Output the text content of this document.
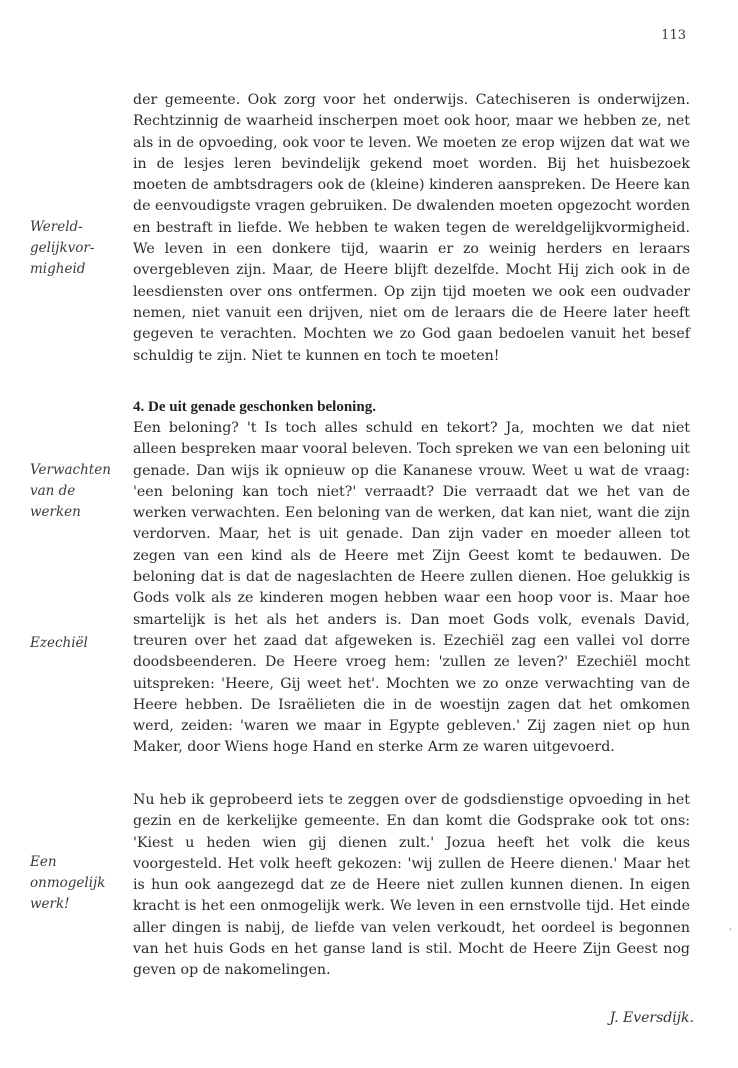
113
Wereld-
gelijkvor-
migheid
Verwachten
van de
werken
Ezechiël
Een
onmogelijk
werk!

der gemeente. Ook zorg voor het onderwijs. Catechiseren is onderwijzen. Rechtzinnig de waarheid inscherpen moet ook hoor, maar we hebben ze, net als in de opvoeding, ook voor te leven. We moeten ze erop wijzen dat wat we in de lesjes leren bevindelijk gekend moet worden. Bij het huisbezoek moeten de ambtsdragers ook de (kleine) kinderen aanspreken. De Heere kan de eenvoudigste vragen gebruiken. De dwalenden moeten opgezocht worden en bestraft in liefde. We hebben te waken tegen de wereldgelijkvormigheid. We leven in een donkere tijd, waarin er zo weinig herders en leraars overgebleven zijn. Maar, de Heere blijft dezelfde. Mocht Hij zich ook in de leesdiensten over ons ontfermen. Op zijn tijd moeten we ook een oudvader nemen, niet vanuit een drijven, niet om de leraars die de Heere later heeft gegeven te verachten. Mochten we zo God gaan bedoelen vanuit het besef schuldig te zijn. Niet te kunnen en toch te moeten!

4. De uit genade geschonken beloning.

Een beloning? 't Is toch alles schuld en tekort? Ja, mochten we dat niet alleen bespreken maar vooral beleven. Toch spreken we van een beloning uit genade. Dan wijs ik opnieuw op die Kananese vrouw. Weet u wat de vraag: 'een beloning kan toch niet?' verraadt? Die verraadt dat we het van de werken verwachten. Een beloning van de werken, dat kan niet, want die zijn verdorven. Maar, het is uit genade. Dan zijn vader en moeder alleen tot zegen van een kind als de Heere met Zijn Geest komt te bedauwen. De beloning dat is dat de nageslachten de Heere zullen dienen. Hoe gelukkig is Gods volk als ze kinderen mogen hebben waar een hoop voor is. Maar hoe smartelijk is het als het anders is. Dan moet Gods volk, evenals David, treuren over het zaad dat afgeweken is. Ezechiël zag een vallei vol dorre doodsbeenderen. De Heere vroeg hem: 'zullen ze leven?' Ezechiël mocht uitspreken: 'Heere, Gij weet het'. Mochten we zo onze verwachting van de Heere hebben. De Israëlieten die in de woestijn zagen dat het omkomen werd, zeiden: 'waren we maar in Egypte gebleven.' Zij zagen niet op hun Maker, door Wiens hoge Hand en sterke Arm ze waren uitgevoerd.

Nu heb ik geprobeerd iets te zeggen over de godsdienstige opvoeding in het gezin en de kerkelijke gemeente. En dan komt die Godsprake ook tot ons: 'Kiest u heden wien gij dienen zult.' Jozua heeft het volk die keus voorgesteld. Het volk heeft gekozen: 'wij zullen de Heere dienen.' Maar het is hun ook aangezegd dat ze de Heere niet zullen kunnen dienen. In eigen kracht is het een onmogelijk werk. We leven in een ernstvolle tijd. Het einde aller dingen is nabij, de liefde van velen verkoudt, het oordeel is begonnen van het huis Gods en het ganse land is stil. Mocht de Heere Zijn Geest nog geven op de nakomelingen.

J. Eversdijk.
'
